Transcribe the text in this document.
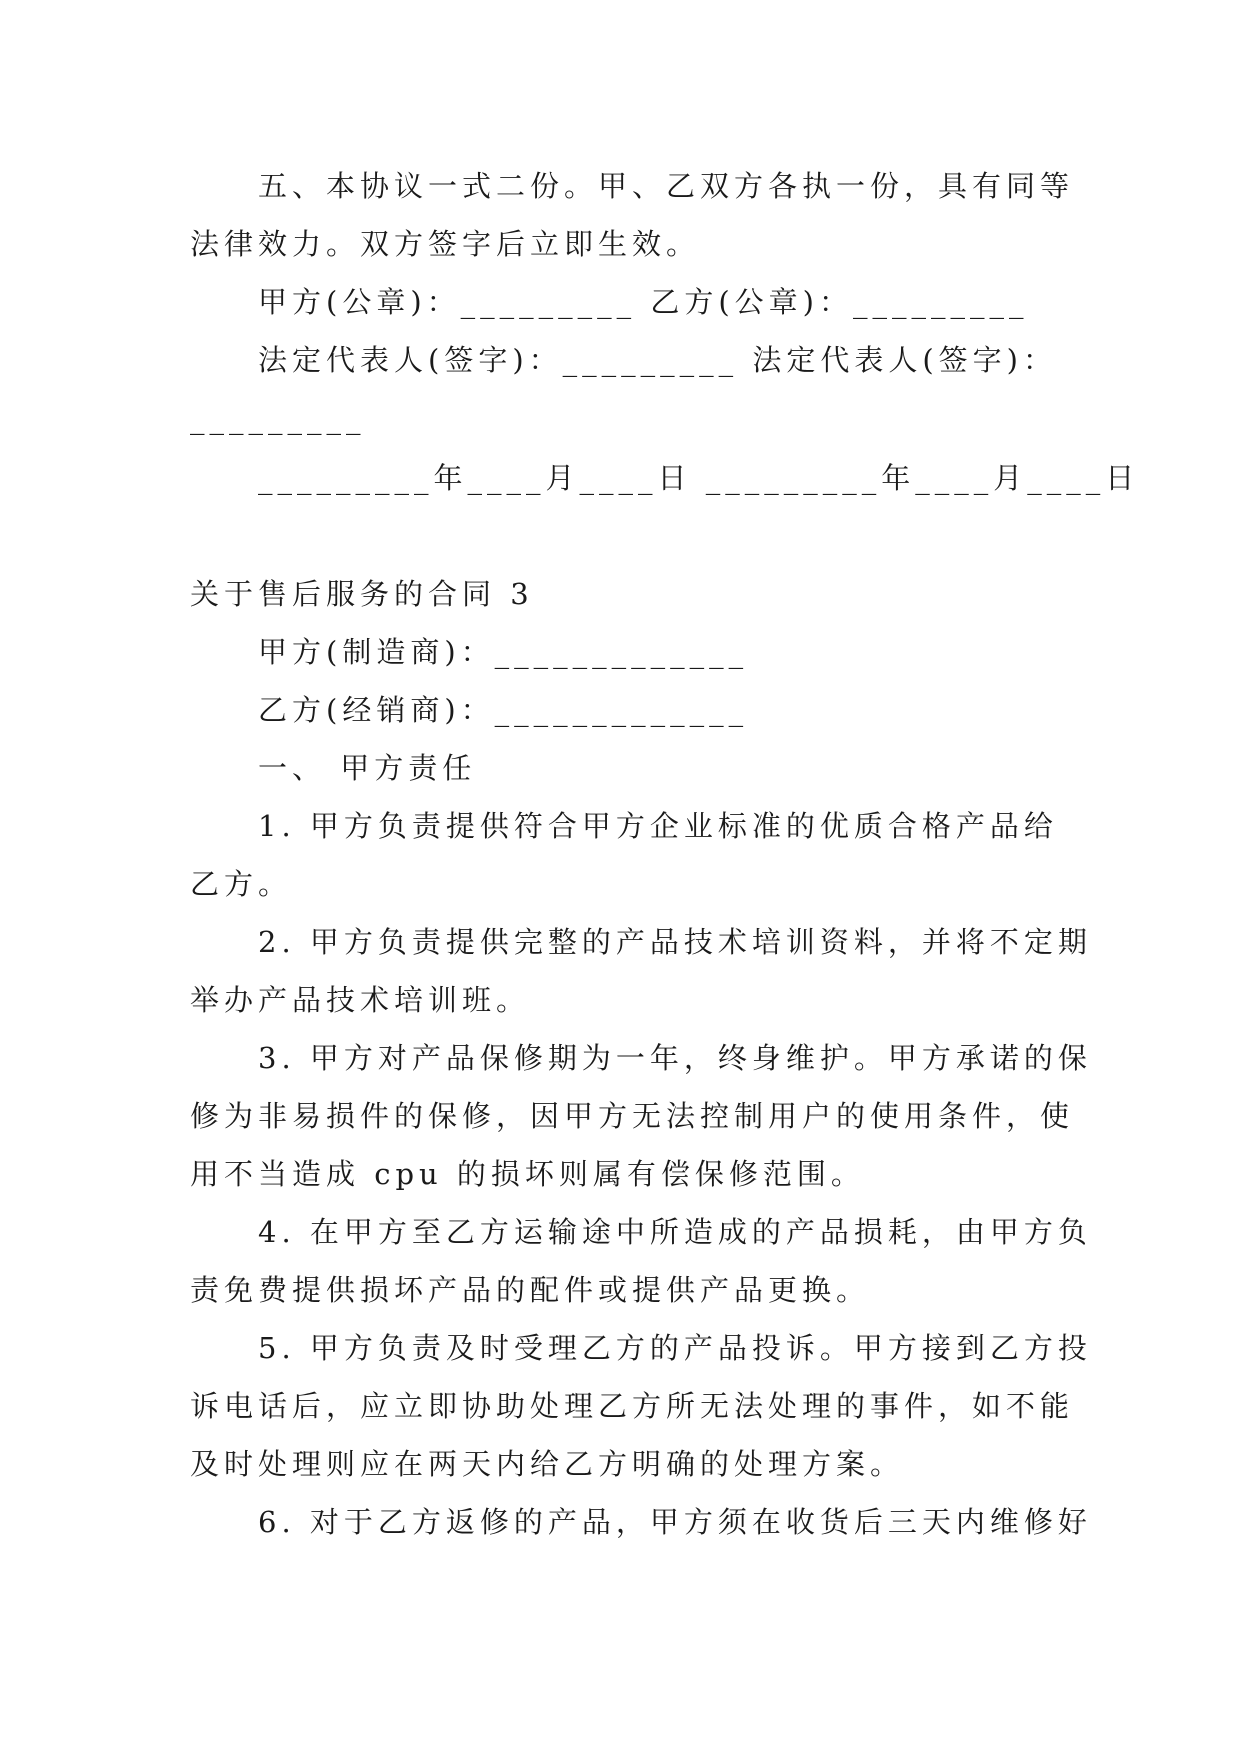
五、本协议一式二份。甲、乙双方各执一份，具有同等
法律效力。双方签字后立即生效。
甲方(公章)：_________ 乙方(公章)：_________
法定代表人(签字)：_________ 法定代表人(签字)：
_________
_________年____月____日 _________年____月____日
关于售后服务的合同 3
甲方(制造商)：_____________
乙方(经销商)：_____________
一、 甲方责任
1. 甲方负责提供符合甲方企业标准的优质合格产品给
乙方。
2. 甲方负责提供完整的产品技术培训资料，并将不定期
举办产品技术培训班。
3. 甲方对产品保修期为一年，终身维护。甲方承诺的保
修为非易损件的保修，因甲方无法控制用户的使用条件，使
用不当造成 cpu 的损坏则属有偿保修范围。
4. 在甲方至乙方运输途中所造成的产品损耗，由甲方负
责免费提供损坏产品的配件或提供产品更换。
5. 甲方负责及时受理乙方的产品投诉。甲方接到乙方投
诉电话后，应立即协助处理乙方所无法处理的事件，如不能
及时处理则应在两天内给乙方明确的处理方案。
6. 对于乙方返修的产品，甲方须在收货后三天内维修好
